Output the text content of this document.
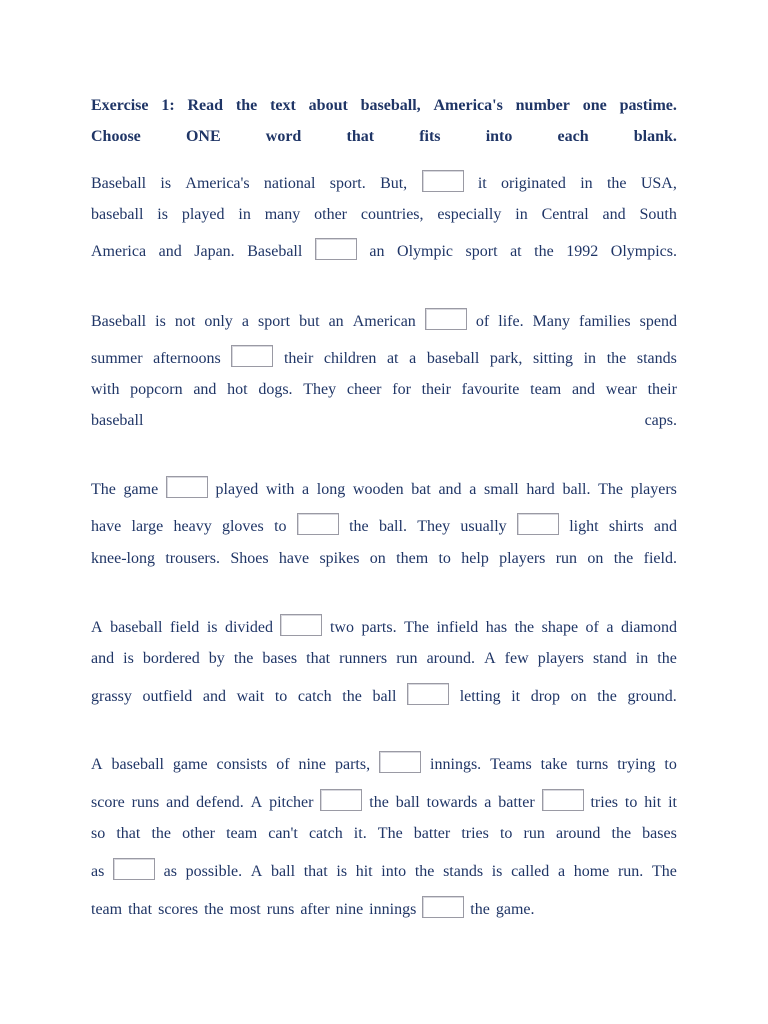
Exercise 1: Read the text about baseball, America's number one pastime.
Choose	ONE	word	that	fits	into	each	blank.
Baseball is America's national sport. But,	it originated in the USA,
baseball is played in many other countries, especially in Central and South
America and Japan. Baseball	an Olympic sport at the 1992 Olympics.
Baseball is not only a sport but an American	of life. Many families spend
summer afternoons	their children at a baseball park, sitting in the stands
with popcorn and hot dogs. They cheer for their favourite team and wear their
baseball	caps.
The game	played with a long wooden bat and a small hard ball. The players
have large heavy gloves to	the ball. They usually	light shirts and
knee-long trousers. Shoes have spikes on them to help players run on the field.
A baseball field is divided	two parts. The infield has the shape of a diamond
and is bordered by the bases that runners run around. A few players stand in the
grassy outfield and wait to catch the ball	letting it drop on the ground.
A baseball game consists of nine parts,	innings. Teams take turns trying to
score runs and defend. A pitcher	the ball towards a batter	tries to hit it
so that the other team can't catch it. The batter tries to run around the bases
as	as possible. A ball that is hit into the stands is called a home run. The
team that scores the most runs after nine innings	the game.
